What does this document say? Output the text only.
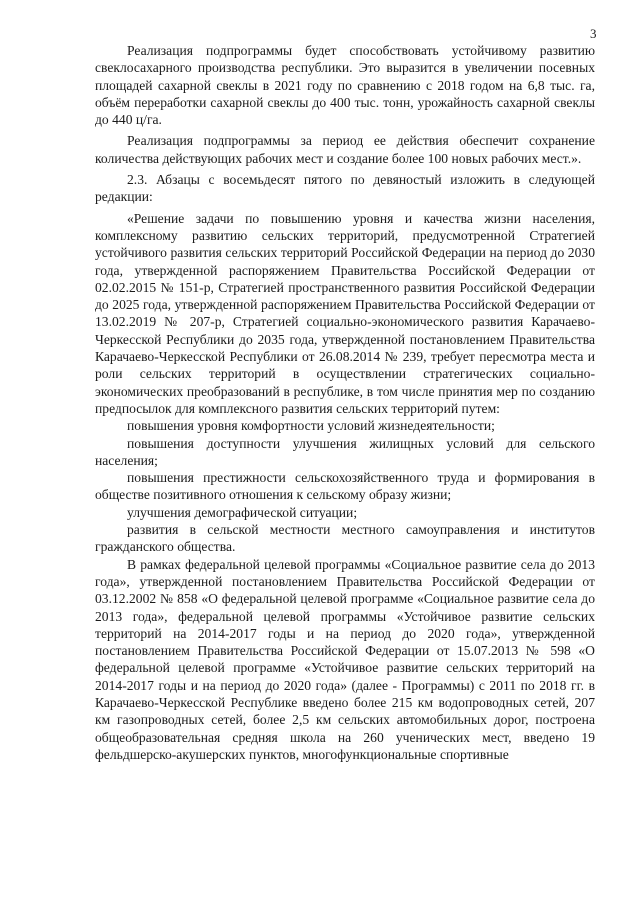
3

Реализация подпрограммы будет способствовать устойчивому развитию свеклосахарного производства республики. Это выразится в увеличении посевных площадей сахарной свеклы в 2021 году по сравнению с 2018 годом на 6,8 тыс. га, объём переработки сахарной свеклы до 400 тыс. тонн, урожайность сахарной свеклы до 440 ц/га.

Реализация подпрограммы за период ее действия обеспечит сохранение количества действующих рабочих мест и создание более 100 новых рабочих мест.».

2.3. Абзацы с восемьдесят пятого по девяностый изложить в следующей редакции:

«Решение задачи по повышению уровня и качества жизни населения, комплексному развитию сельских территорий, предусмотренной Стратегией устойчивого развития сельских территорий Российской Федерации на период до 2030 года, утвержденной распоряжением Правительства Российской Федерации от 02.02.2015 № 151-р, Стратегией пространственного развития Российской Федерации до 2025 года, утвержденной распоряжением Правительства Российской Федерации от 13.02.2019 № 207-р, Стратегией социально-экономического развития Карачаево-Черкесской Республики до 2035 года, утвержденной постановлением Правительства Карачаево-Черкесской Республики от 26.08.2014 № 239, требует пересмотра места и роли сельских территорий в осуществлении стратегических социально-экономических преобразований в республике, в том числе принятия мер по созданию предпосылок для комплексного развития сельских территорий путем:

повышения уровня комфортности условий жизнедеятельности;

повышения доступности улучшения жилищных условий для сельского населения;

повышения престижности сельскохозяйственного труда и формирования в обществе позитивного отношения к сельскому образу жизни;

улучшения демографической ситуации;

развития в сельской местности местного самоуправления и институтов гражданского общества.

В рамках федеральной целевой программы «Социальное развитие села до 2013 года», утвержденной постановлением Правительства Российской Федерации от 03.12.2002 № 858 «О федеральной целевой программе «Социальное развитие села до 2013 года», федеральной целевой программы «Устойчивое развитие сельских территорий на 2014-2017 годы и на период до 2020 года», утвержденной постановлением Правительства Российской Федерации от 15.07.2013 № 598 «О федеральной целевой программе «Устойчивое развитие сельских территорий на 2014-2017 годы и на период до 2020 года» (далее - Программы) с 2011 по 2018 гг. в Карачаево-Черкесской Республике введено более 215 км водопроводных сетей, 207 км газопроводных сетей, более 2,5 км сельских автомобильных дорог, построена общеобразовательная средняя школа на 260 ученических мест, введено 19 фельдшерско-акушерских пунктов, многофункциональные спортивные
